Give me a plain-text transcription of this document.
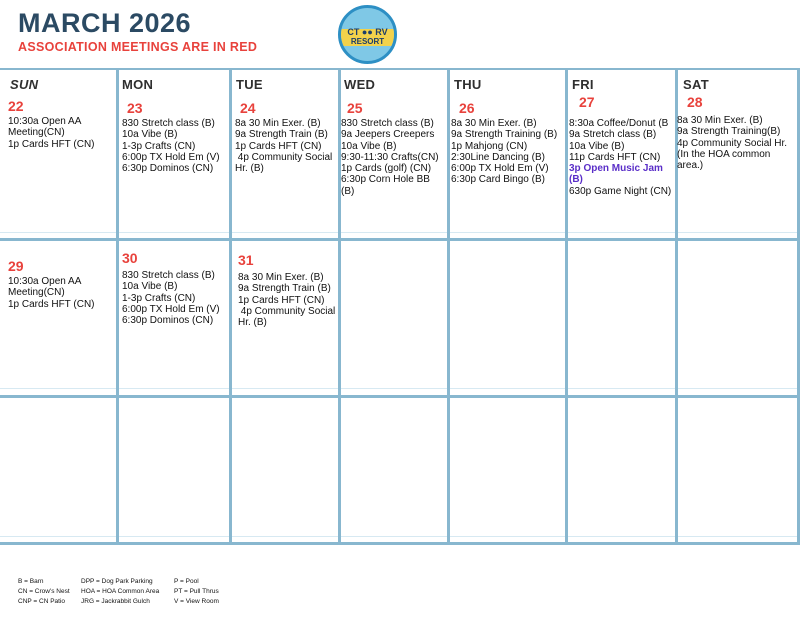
MARCH 2026
ASSOCIATION MEETINGS ARE IN RED
CT ●● RV
RESORT
SUN	MON	TUE	WED	THU	FRI	SAT
22
10:30a Open AA
Meeting(CN)
1p Cards HFT (CN)
23
830 Stretch class (B)
10a Vibe (B)
1-3p Crafts (CN)
6:00p TX Hold Em (V)
6:30p Dominos (CN)
24
8a 30 Min Exer. (B)
9a Strength Train (B)
1p Cards HFT (CN)
4p Community Social
Hr. (B)
25
830 Stretch class (B)
9a Jeepers Creepers
10a Vibe (B)
9:30-11:30 Crafts(CN)
1p Cards (golf) (CN)
6:30p Corn Hole BB
(B)
26
8a 30 Min Exer. (B)
9a Strength Training (B)
1p Mahjong (CN)
2:30Line Dancing (B)
6:00p TX Hold Em (V)
6:30p Card Bingo (B)
27
8:30a Coffee/Donut (B
9a Stretch class (B)
10a Vibe (B)
11p Cards HFT (CN)
3p Open Music Jam (B)
630p Game Night (CN)
28
8a 30 Min Exer. (B)
9a Strength Training(B)
4p Community Social Hr.
(In the HOA common
area.)
29
10:30a Open AA
Meeting(CN)
1p Cards HFT (CN)
30
830 Stretch class (B)
10a Vibe (B)
1-3p Crafts (CN)
6:00p TX Hold Em (V)
6:30p Dominos (CN)
31
8a 30 Min Exer. (B)
9a Strength Train (B)
1p Cards HFT (CN)
4p Community Social
Hr. (B)
B = Barn
CN = Crow's Nest
CNP = CN Patio
DPP = Dog Park Parking
HOA = HOA Common Area
JRG = Jackrabbit Gulch
P = Pool
PT = Pull Thrus
V = View Room
